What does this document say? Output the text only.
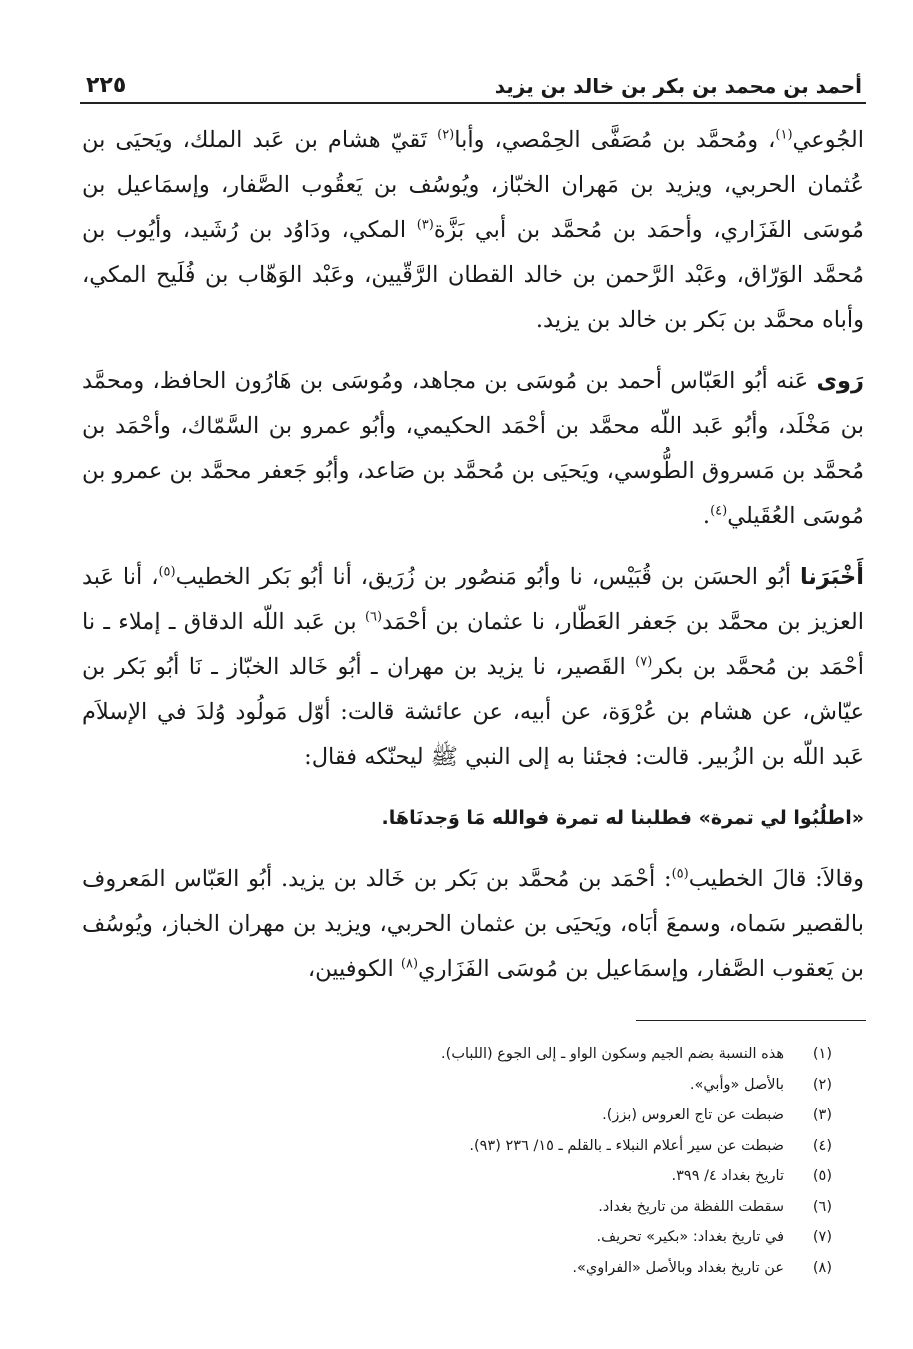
أحمد بن محمد بن بكر بن خالد بن يزيد
٢٢٥

الجُوعي$^{(١)}$، ومُحمَّد بن مُصَفَّى الحِمْصي، وأبا$^{(٢)}$ تَقيّ هشام بن عَبد الملك، ويَحيَى بن عُثمان الحربي، ويزيد بن مَهران الخبّاز، ويُوسُف بن يَعقُوب الصَّفار، وإسمَاعيل بن مُوسَى الفَزَاري، وأحمَد بن مُحمَّد بن أبي بَزَّة$^{(٣)}$ المكي، ودَاوُد بن رُشَيد، وأيُوب بن مُحمَّد الوَرّاق، وعَبْد الرَّحمن بن خالد القطان الرَّقّيين، وعَبْد الوَهّاب بن فُلَيح المكي، وأباه محمَّد بن بَكر بن خالد بن يزيد.

رَوى عَنه أبُو العَبّاس أحمد بن مُوسَى بن مجاهد، ومُوسَى بن هَارُون الحافظ، ومحمَّد بن مَخْلَد، وأبُو عَبد اللّه محمَّد بن أحْمَد الحكيمي، وأبُو عمرو بن السَّمّاك، وأحْمَد بن مُحمَّد بن مَسروق الطُّوسي، ويَحيَى بن مُحمَّد بن صَاعد، وأبُو جَعفر محمَّد بن عمرو بن مُوسَى العُقَيلي$^{(٤)}$.

أَخْبَرَنا أبُو الحسَن بن قُبَيْس، نا وأبُو مَنصُور بن زُرَيق، أنا أبُو بَكر الخطيب$^{(٥)}$، أنا عَبد العزيز بن محمَّد بن جَعفر العَطّار، نا عثمان بن أحْمَد$^{(٦)}$ بن عَبد اللّه الدقاق ـ إملاء ـ نا أحْمَد بن مُحمَّد بن بكر$^{(٧)}$ القَصير، نا يزيد بن مهران ـ أبُو خَالد الخبّاز ـ نَا أبُو بَكر بن عيّاش، عن هشام بن عُرْوَة، عن أبيه، عن عائشة قالت: أوّل مَولُود وُلدَ في الإسلاَم عَبد اللّه بن الزُبير. قالت: فجئنا به إلى النبي ﷺ ليحنّكه فقال:

«اطلُبُوا لي تمرة» فطلبنا له تمرة فوالله مَا وَجدنَاهَا.

وقالاَ: قالَ الخطيب$^{(٥)}$: أحْمَد بن مُحمَّد بن بَكر بن خَالد بن يزيد. أبُو العَبّاس المَعروف بالقصير سَماه، وسمعَ أبَاه، ويَحيَى بن عثمان الحربي، ويزيد بن مهران الخباز، ويُوسُف بن يَعقوب الصَّفار، وإسمَاعيل بن مُوسَى الفَزَاري$^{(٨)}$ الكوفيين،

(١)
هذه النسبة بضم الجيم وسكون الواو ـ إلى الجوع (اللباب).
(٢)
بالأصل «وأبي».
(٣)
ضبطت عن تاج العروس (بزز).
(٤)
ضبطت عن سير أعلام النبلاء ـ بالقلم ـ ١٥/ ٢٣٦ (٩٣).
(٥)
تاريخ بغداد ٤/ ٣٩٩.
(٦)
سقطت اللفظة من تاريخ بغداد.
(٧)
في تاريخ بغداد: «بكير» تحريف.
(٨)
عن تاريخ بغداد وبالأصل «الفراوي».
